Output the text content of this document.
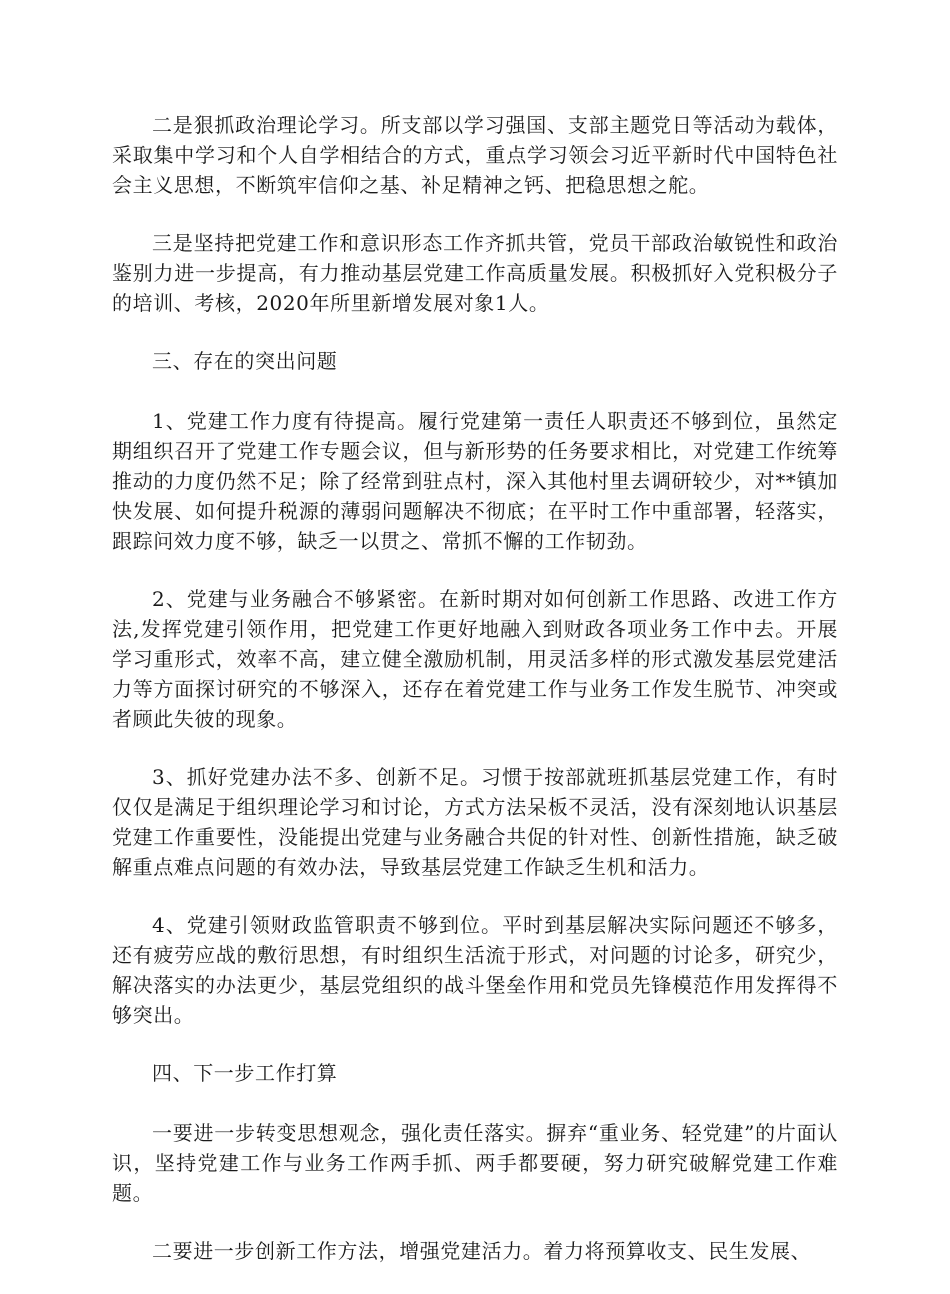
二是狠抓政治理论学习。所支部以学习强国、支部主题党日等活动为载体，采取集中学习和个人自学相结合的方式，重点学习领会习近平新时代中国特色社会主义思想，不断筑牢信仰之基、补足精神之钙、把稳思想之舵。

三是坚持把党建工作和意识形态工作齐抓共管，党员干部政治敏锐性和政治鉴别力进一步提高，有力推动基层党建工作高质量发展。积极抓好入党积极分子的培训、考核，2020年所里新增发展对象1人。

三、存在的突出问题

1、党建工作力度有待提高。履行党建第一责任人职责还不够到位，虽然定期组织召开了党建工作专题会议，但与新形势的任务要求相比，对党建工作统筹推动的力度仍然不足；除了经常到驻点村，深入其他村里去调研较少，对**镇加快发展、如何提升税源的薄弱问题解决不彻底；在平时工作中重部署，轻落实，跟踪问效力度不够，缺乏一以贯之、常抓不懈的工作韧劲。

2、党建与业务融合不够紧密。在新时期对如何创新工作思路、改进工作方法,发挥党建引领作用，把党建工作更好地融入到财政各项业务工作中去。开展学习重形式，效率不高，建立健全激励机制，用灵活多样的形式激发基层党建活力等方面探讨研究的不够深入，还存在着党建工作与业务工作发生脱节、冲突或者顾此失彼的现象。

3、抓好党建办法不多、创新不足。习惯于按部就班抓基层党建工作，有时仅仅是满足于组织理论学习和讨论，方式方法呆板不灵活，没有深刻地认识基层党建工作重要性，没能提出党建与业务融合共促的针对性、创新性措施，缺乏破解重点难点问题的有效办法，导致基层党建工作缺乏生机和活力。

4、党建引领财政监管职责不够到位。平时到基层解决实际问题还不够多，还有疲劳应战的敷衍思想，有时组织生活流于形式，对问题的讨论多，研究少，解决落实的办法更少，基层党组织的战斗堡垒作用和党员先锋模范作用发挥得不够突出。

四、下一步工作打算

一要进一步转变思想观念，强化责任落实。摒弃“重业务、轻党建”的片面认识，坚持党建工作与业务工作两手抓、两手都要硬，努力研究破解党建工作难题。

二要进一步创新工作方法，增强党建活力。着力将预算收支、民生发展、
